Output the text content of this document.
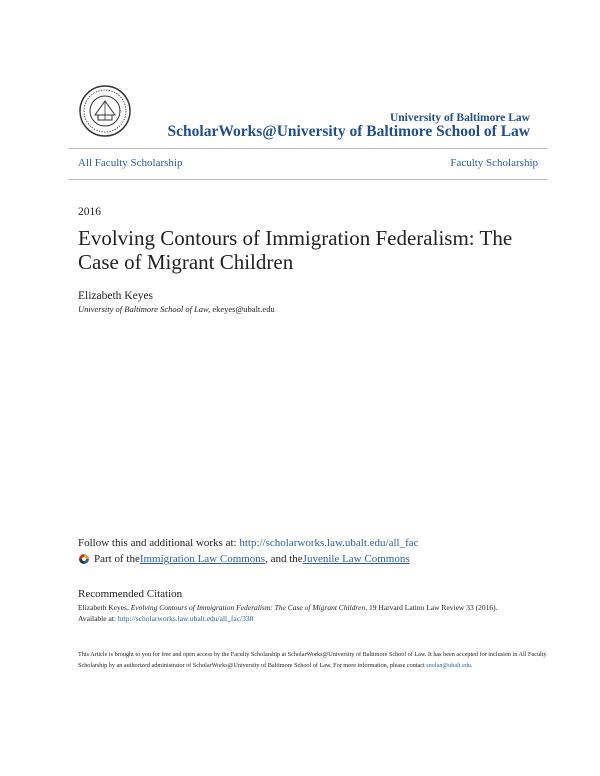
University of Baltimore Law
ScholarWorks@University of Baltimore School of Law
All Faculty Scholarship	Faculty Scholarship
2016
Evolving Contours of Immigration Federalism: The Case of Migrant Children
Elizabeth Keyes
University of Baltimore School of Law, ekeyes@ubalt.edu
Follow this and additional works at: http://scholarworks.law.ubalt.edu/all_fac
Part of the Immigration Law Commons , and the Juvenile Law Commons
Recommended Citation
Elizabeth Keyes, Evolving Contours of Immigration Federalism: The Case of Migrant Children, 19 Harvard Latino Law Review 33 (2016).
Available at: http://scholarworks.law.ubalt.edu/all_fac/338
This Article is brought to you for free and open access by the Faculty Scholarship at ScholarWorks@University of Baltimore School of Law. It has been accepted for inclusion in All Faculty Scholarship by an authorized administrator of ScholarWorks@University of Baltimore School of Law. For more information, please contact snolan@ubalt.edu.
